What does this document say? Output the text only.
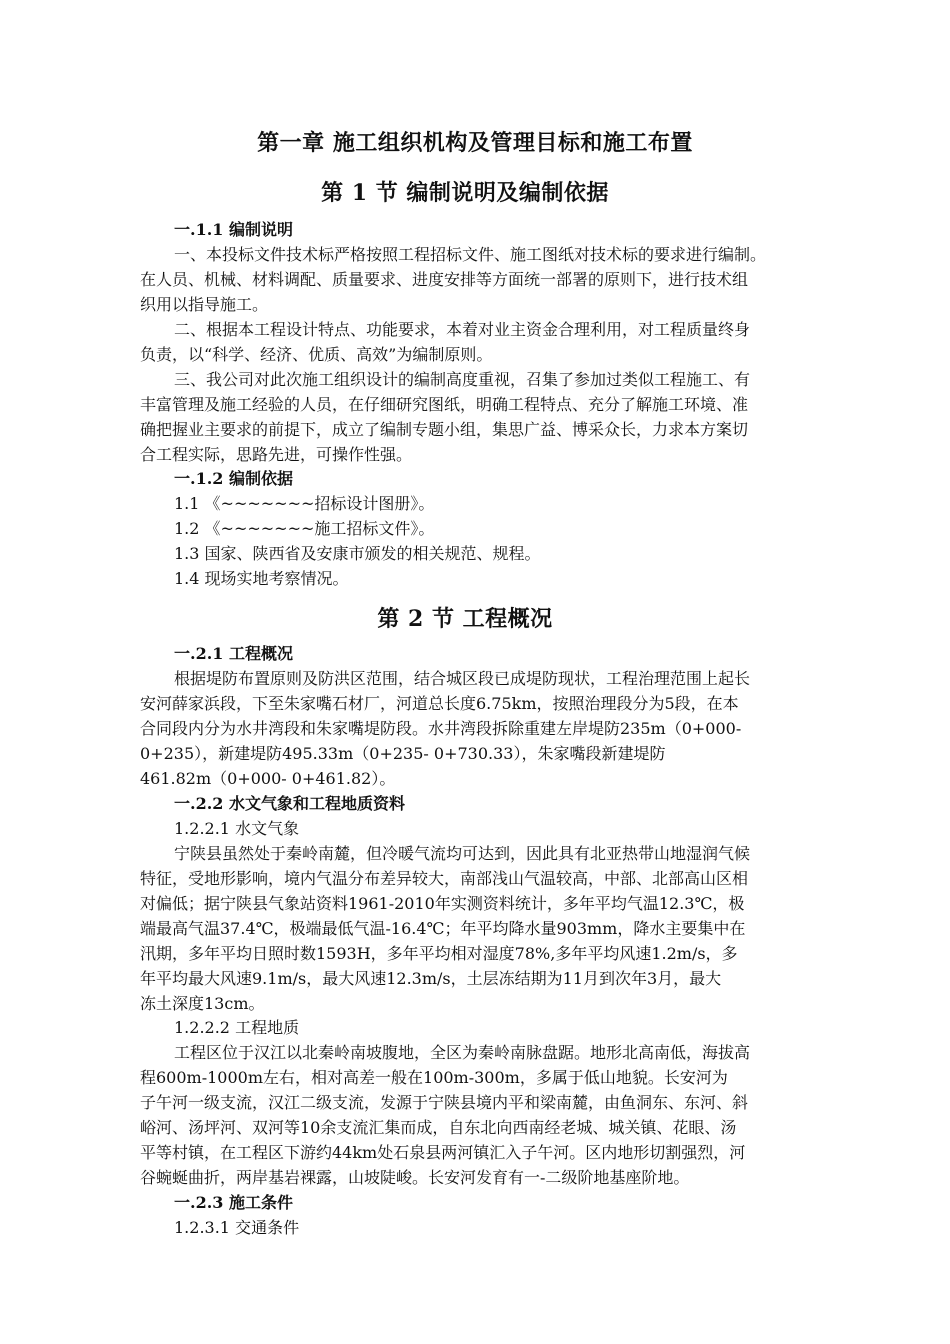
第一章 施工组织机构及管理目标和施工布置
第 1 节 编制说明及编制依据
一.1.1 编制说明
一、本投标文件技术标严格按照工程招标文件、施工图纸对技术标的要求进行编制。
在人员、机械、材料调配、质量要求、进度安排等方面统一部署的原则下，进行技术组
织用以指导施工。
二、根据本工程设计特点、功能要求，本着对业主资金合理利用，对工程质量终身
负责，以“科学、经济、优质、高效”为编制原则。
三、我公司对此次施工组织设计的编制高度重视，召集了参加过类似工程施工、有
丰富管理及施工经验的人员，在仔细研究图纸，明确工程特点、充分了解施工环境、准
确把握业主要求的前提下，成立了编制专题小组，集思广益、博采众长，力求本方案切
合工程实际，思路先进，可操作性强。
一.1.2 编制依据
1.1 《~~~~~~~招标设计图册》。
1.2 《~~~~~~~施工招标文件》。
1.3 国家、陕西省及安康市颁发的相关规范、规程。
1.4 现场实地考察情况。
第 2 节 工程概况
一.2.1 工程概况
根据堤防布置原则及防洪区范围，结合城区段已成堤防现状，工程治理范围上起长
安河薛家浜段，下至朱家嘴石材厂，河道总长度6.75km，按照治理段分为5段，在本
合同段内分为水井湾段和朱家嘴堤防段。水井湾段拆除重建左岸堤防235m（0+000-
0+235），新建堤防495.33m（0+235- 0+730.33），朱家嘴段新建堤防
461.82m（0+000- 0+461.82）。
一.2.2 水文气象和工程地质资料
1.2.2.1 水文气象
宁陕县虽然处于秦岭南麓，但冷暖气流均可达到，因此具有北亚热带山地湿润气候
特征，受地形影响，境内气温分布差异较大，南部浅山气温较高，中部、北部高山区相
对偏低；据宁陕县气象站资料1961-2010年实测资料统计，多年平均气温12.3℃，极
端最高气温37.4℃，极端最低气温-16.4℃；年平均降水量903mm，降水主要集中在
汛期，多年平均日照时数1593H，多年平均相对湿度78%,多年平均风速1.2m/s，多
年平均最大风速9.1m/s，最大风速12.3m/s，土层冻结期为11月到次年3月，最大
冻土深度13cm。
1.2.2.2 工程地质
工程区位于汉江以北秦岭南坡腹地，全区为秦岭南脉盘踞。地形北高南低，海拔高
程600m-1000m左右，相对高差一般在100m-300m，多属于低山地貌。长安河为
子午河一级支流，汉江二级支流，发源于宁陕县境内平和梁南麓，由鱼洞东、东河、斜
峪河、汤坪河、双河等10余支流汇集而成，自东北向西南经老城、城关镇、花眼、汤
平等村镇，在工程区下游约44km处石泉县两河镇汇入子午河。区内地形切割强烈，河
谷蜿蜒曲折，两岸基岩裸露，山坡陡峻。长安河发育有一-二级阶地基座阶地。
一.2.3 施工条件
1.2.3.1 交通条件
